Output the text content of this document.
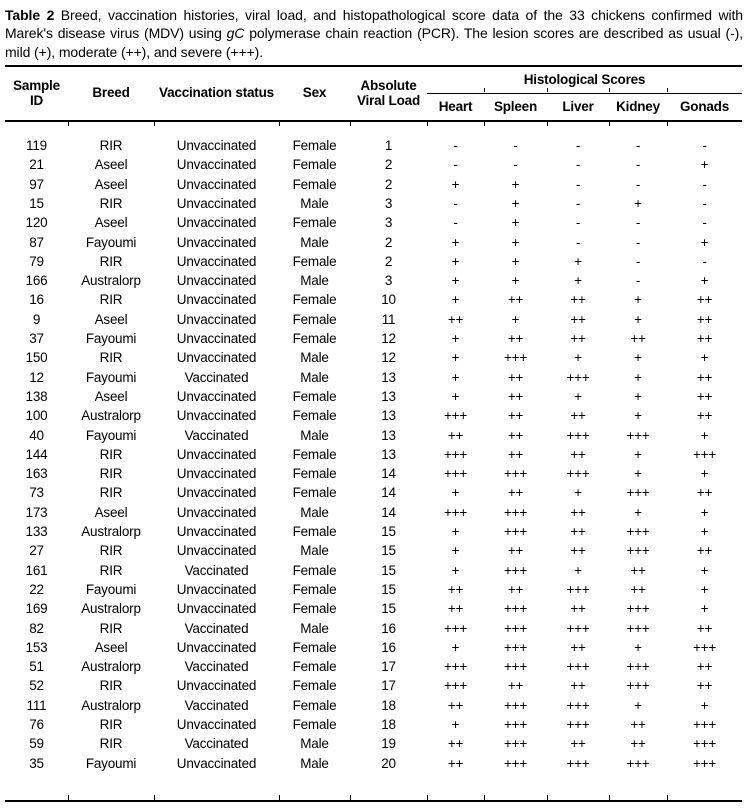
Table 2 Breed, vaccination histories, viral load, and histopathological score data of the 33 chickens confirmed with Marek's disease virus (MDV) using gC polymerase chain reaction (PCR). The lesion scores are described as usual (-), mild (+), moderate (++), and severe (+++).

Sample ID	Breed	Vaccination status	Sex	Absolute Viral Load	Histological Scores				
					Heart	Spleen	Liver	Kidney	Gonads

119	RIR	Unvaccinated	Female	1	-	-	-	-	-
21	Aseel	Unvaccinated	Female	2	-	-	-	-	+
97	Aseel	Unvaccinated	Female	2	+	+	-	-	-
15	RIR	Unvaccinated	Male	3	-	+	-	+	-
120	Aseel	Unvaccinated	Female	3	-	+	-	-	-
87	Fayoumi	Unvaccinated	Male	2	+	+	-	-	+
79	RIR	Unvaccinated	Female	2	+	+	+	-	-
166	Australorp	Unvaccinated	Male	3	+	+	+	-	+
16	RIR	Unvaccinated	Female	10	+	++	++	+	++
9	Aseel	Unvaccinated	Female	11	++	+	++	+	++
37	Fayoumi	Unvaccinated	Female	12	+	++	++	++	++
150	RIR	Unvaccinated	Male	12	+	+++	+	+	+
12	Fayoumi	Vaccinated	Male	13	+	++	+++	+	++
138	Aseel	Unvaccinated	Female	13	+	++	+	+	++
100	Australorp	Unvaccinated	Female	13	+++	++	++	+	++
40	Fayoumi	Vaccinated	Male	13	++	++	+++	+++	+
144	RIR	Unvaccinated	Female	13	+++	++	++	+	+++
163	RIR	Unvaccinated	Female	14	+++	+++	+++	+	+
73	RIR	Unvaccinated	Female	14	+	++	+	+++	++
173	Aseel	Unvaccinated	Male	14	+++	+++	++	+	+
133	Australorp	Unvaccinated	Female	15	+	+++	++	+++	+
27	RIR	Unvaccinated	Male	15	+	++	++	+++	++
161	RIR	Vaccinated	Female	15	+	+++	+	++	+
22	Fayoumi	Unvaccinated	Female	15	++	++	+++	++	+
169	Australorp	Unvaccinated	Female	15	++	+++	++	+++	+
82	RIR	Vaccinated	Male	16	+++	+++	+++	+++	++
153	Aseel	Unvaccinated	Female	16	+	+++	++	+	+++
51	Australorp	Vaccinated	Female	17	+++	+++	+++	+++	++
52	RIR	Unvaccinated	Female	17	+++	++	++	+++	++
111	Australorp	Vaccinated	Female	18	++	+++	+++	+	+
76	RIR	Unvaccinated	Female	18	+	+++	+++	++	+++
59	RIR	Vaccinated	Male	19	++	+++	++	++	+++
35	Fayoumi	Unvaccinated	Male	20	++	+++	+++	+++	+++
